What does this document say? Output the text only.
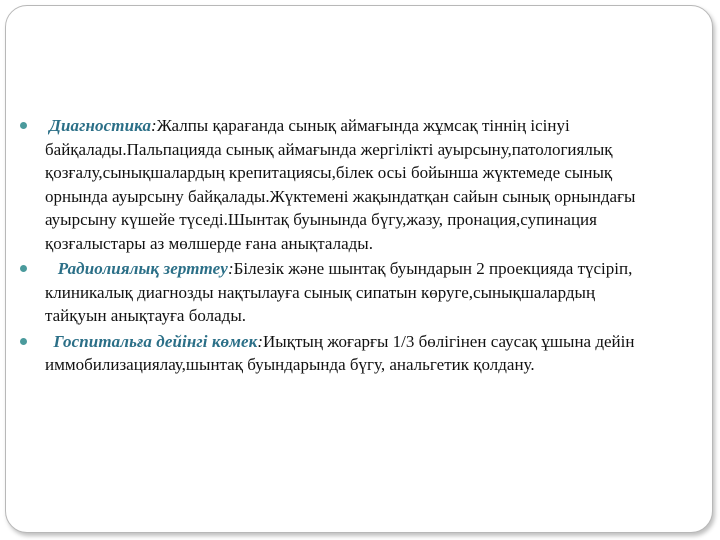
Диагностика:Жалпы қарағанда сынық аймағында жұмсақ тіннің ісінуі байқалады.Пальпацияда сынық аймағында жергілікті ауырсыну,патологиялық қозғалу,сынықшалардың крепитациясы,білек осьі бойынша жүктемеде сынық орнында ауырсыну байқалады.Жүктемені жақындатқан сайын сынық орнындағы ауырсыну күшейе түседі.Шынтақ буынында бүгу,жазу, пронация,супинация қозғалыстары аз мөлшерде ғана анықталады.
Радиолиялық зерттеу:Білезік және шынтақ буындарын 2 проекцияда түсіріп, клиникалық диагнозды нақтылауға сынық сипатын көруге,сынықшалардың тайқуын анықтауға болады.
Госпитальға дейінгі көмек:Иықтың жоғарғы 1/3 бөлігінен саусақ ұшына дейін иммобилизациялау,шынтақ буындарында бүгу, анальгетик қолдану.
